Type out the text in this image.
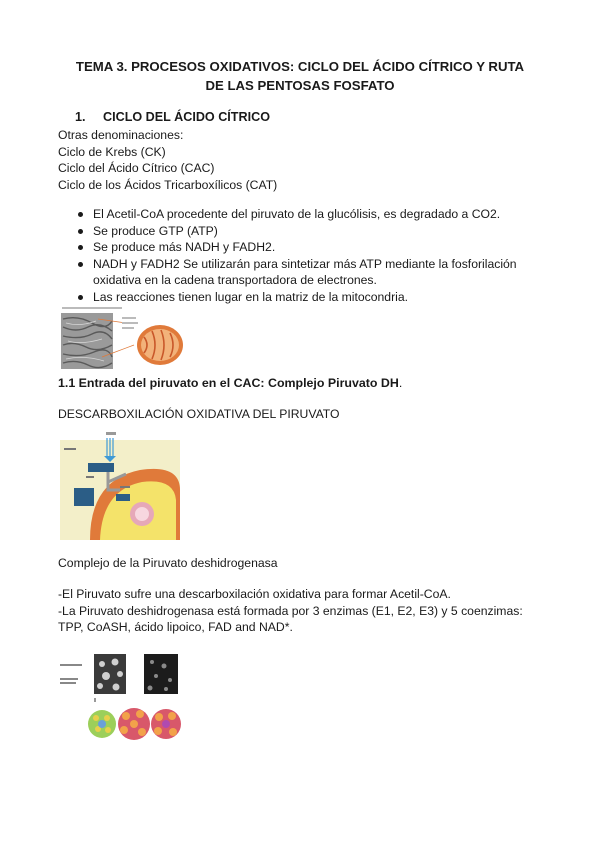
TEMA 3. PROCESOS OXIDATIVOS: CICLO DEL ÁCIDO CÍTRICO Y RUTA
DE LAS PENTOSAS FOSFATO
1. CICLO DEL ÁCIDO CÍTRICO
Otras denominaciones:
Ciclo de Krebs (CK)
Ciclo del Ácido Cítrico (CAC)
Ciclo de los Ácidos Tricarboxílicos (CAT)
El Acetil-CoA procedente del piruvato de la glucólisis, es degradado a CO2.
Se produce GTP (ATP)
Se produce más NADH y FADH2.
NADH y FADH2 Se utilizarán para sintetizar más ATP mediante la fosforilación oxidativa en la cadena transportadora de electrones.
Las reacciones tienen lugar en la matriz de la mitocondria.
1.1 Entrada del piruvato en el CAC: Complejo Piruvato DH.
DESCARBOXILACIÓN OXIDATIVA DEL PIRUVATO
Complejo de la Piruvato deshidrogenasa
-El Piruvato sufre una descarboxilación oxidativa para formar Acetil-CoA.
-La Piruvato deshidrogenasa está formada por 3 enzimas (E1, E2, E3) y 5 coenzimas:
TPP, CoASH, ácido lipoico, FAD and NAD*.
